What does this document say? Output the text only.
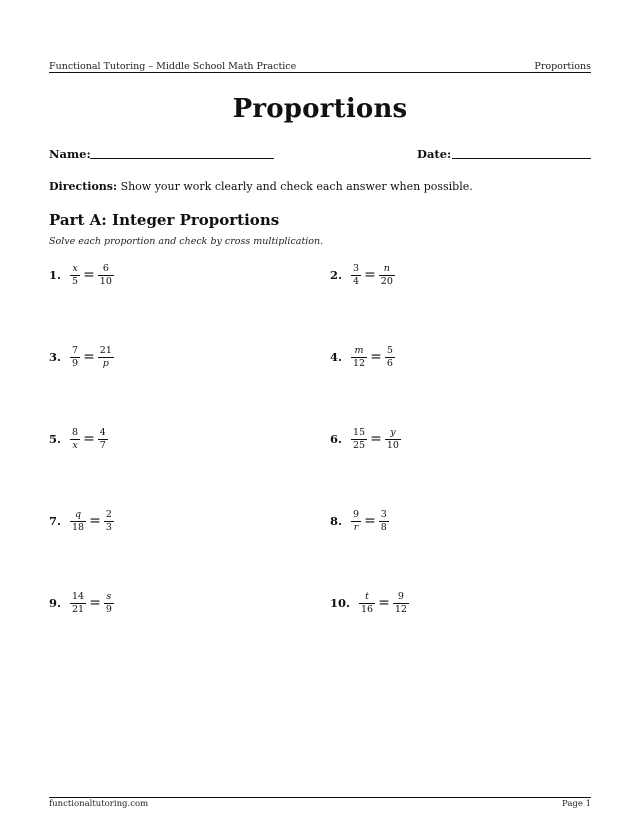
Functional Tutoring – Middle School Math Practice	Proportions
Proportions
Name:	Date:
Directions: Show your work clearly and check each answer when possible.
Part A: Integer Proportions
Solve each proportion and check by cross multiplication.
1. $\frac{x}{5} = \frac{6}{10}$	2. $\frac{3}{4} = \frac{n}{20}$
3. $\frac{7}{9} = \frac{21}{p}$	4. $\frac{m}{12} = \frac{5}{6}$
5. $\frac{8}{x} = \frac{4}{7}$	6. $\frac{15}{25} = \frac{y}{10}$
7. $\frac{q}{18} = \frac{2}{3}$	8. $\frac{9}{r} = \frac{3}{8}$
9. $\frac{14}{21} = \frac{s}{9}$	10. $\frac{t}{16} = \frac{9}{12}$
functionaltutoring.com	Page 1
